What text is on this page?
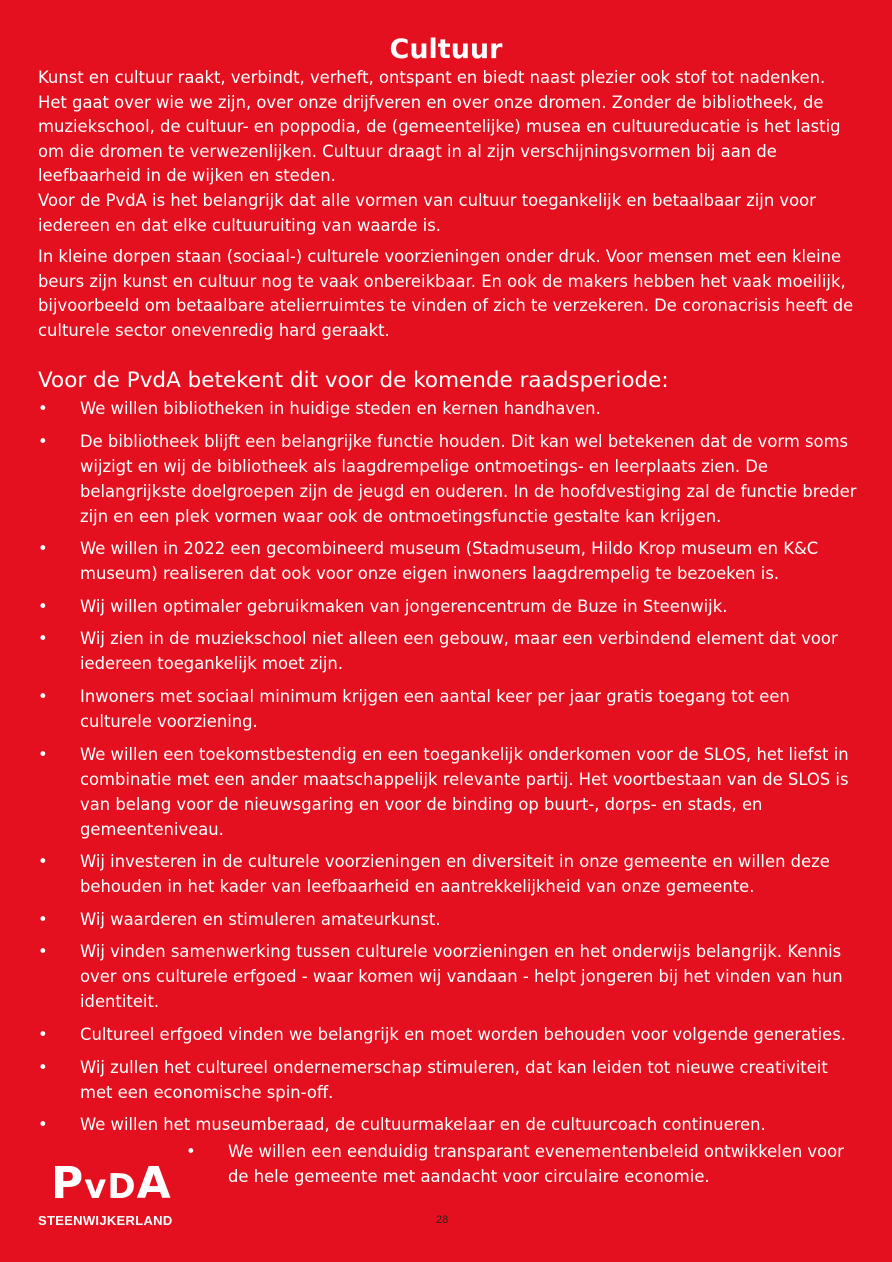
Cultuur

Kunst en cultuur raakt, verbindt, verheft, ontspant en biedt naast plezier ook stof tot nadenken. Het gaat over wie we zijn, over onze drijfveren en over onze dromen. Zonder de bibliotheek, de muziekschool, de cultuur- en poppodia, de (gemeentelijke) musea en cultuureducatie is het lastig om die dromen te verwezenlijken. Cultuur draagt in al zijn verschijningsvormen bij aan de leefbaarheid in de wijken en steden.

Voor de PvdA is het belangrijk dat alle vormen van cultuur toegankelijk en betaalbaar zijn voor iedereen en dat elke cultuuruiting van waarde is.

In kleine dorpen staan (sociaal-) culturele voorzieningen onder druk. Voor mensen met een kleine beurs zijn kunst en cultuur nog te vaak onbereikbaar. En ook de makers hebben het vaak moeilijk, bijvoorbeeld om betaalbare atelierruimtes te vinden of zich te verzekeren. De coronacrisis heeft de culturele sector onevenredig hard geraakt.

Voor de PvdA betekent dit voor de komende raadsperiode:
• We willen bibliotheken in huidige steden en kernen handhaven.
• De bibliotheek blijft een belangrijke functie houden. Dit kan wel betekenen dat de vorm soms wijzigt en wij de bibliotheek als laagdrempelige ontmoetings- en leerplaats zien. De belangrijkste doelgroepen zijn de jeugd en ouderen. In de hoofdvestiging zal de functie breder zijn en een plek vormen waar ook de ontmoetingsfunctie gestalte kan krijgen.
• We willen in 2022 een gecombineerd museum (Stadmuseum, Hildo Krop museum en K&C museum) realiseren dat ook voor onze eigen inwoners laagdrempelig te bezoeken is.
• Wij willen optimaler gebruikmaken van jongerencentrum de Buze in Steenwijk.
• Wij zien in de muziekschool niet alleen een gebouw, maar een verbindend element dat voor iedereen toegankelijk moet zijn.
• Inwoners met sociaal minimum krijgen een aantal keer per jaar gratis toegang tot een culturele voorziening.
• We willen een toekomstbestendig en een toegankelijk onderkomen voor de SLOS, het liefst in combinatie met een ander maatschappelijk relevante partij. Het voortbestaan van de SLOS is van belang voor de nieuwsgaring en voor de binding op buurt-, dorps- en stads, en gemeenteniveau.
• Wij investeren in de culturele voorzieningen en diversiteit in onze gemeente en willen deze behouden in het kader van leefbaarheid en aantrekkelijkheid van onze gemeente.
• Wij waarderen en stimuleren amateurkunst.
• Wij vinden samenwerking tussen culturele voorzieningen en het onderwijs belangrijk. Kennis over ons culturele erfgoed - waar komen wij vandaan - helpt jongeren bij het vinden van hun identiteit.
• Cultureel erfgoed vinden we belangrijk en moet worden behouden voor volgende generaties.
• Wij zullen het cultureel ondernemerschap stimuleren, dat kan leiden tot nieuwe creativiteit met een economische spin-off.
• We willen het museumberaad, de cultuurmakelaar en de cultuurcoach continueren.
• We willen een eenduidig transparant evenementenbeleid ontwikkelen voor de hele gemeente met aandacht voor circulaire economie.
PvDA
STEENWIJKERLAND	28
